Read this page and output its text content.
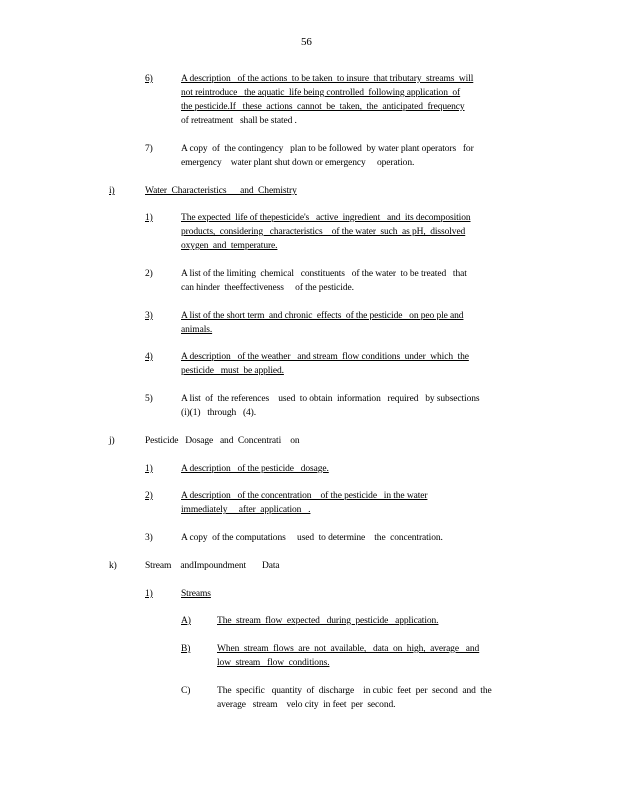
56
6)	A description   of the actions  to be taken  to insure  that tributary  streams  will
not reintroduce   the aquatic  life being controlled  following application  of
the pesticide.If   these  actions  cannot  be  taken,  the  anticipated  frequency
of retreatment   shall be stated .
7)	A copy  of  the contingency   plan to be followed  by water plant operators   for
emergency    water plant shut down or emergency     operation.
i)	Water  Characteristics      and  Chemistry
1)	The expected  life of thepesticide's   active  ingredient   and  its decomposition
products,  considering   characteristics    of the water  such  as pH,  dissolved
oxygen  and  temperature.
2)	A list of the limiting  chemical   constituents   of the water  to be treated   that
can hinder  theeffectiveness     of the pesticide.
3)	A list of the short term  and chronic  effects  of the pesticide   on peo ple and
animals.
4)	A description   of the weather   and stream  flow conditions  under  which  the
pesticide   must  be applied.
5)	A list  of  the references    used  to obtain  information   required   by subsections
(i)(1)   through   (4).
j)	Pesticide   Dosage   and  Concentrati    on
1)	A description   of the pesticide   dosage.
2)	A description   of the concentration    of the pesticide   in the water
immediately     after  application   .
3)	A copy  of the computations     used  to determine    the  concentration.
k)	Stream    andImpoundment       Data
1)	Streams
A)	The  stream  flow  expected   during  pesticide   application.
B)	When  stream  flows  are  not  available,   data  on  high,  average   and
low  stream   flow  conditions.
C)	The  specific   quantity  of  discharge    in cubic  feet  per  second  and  the
average   stream    velo city  in feet  per  second.
